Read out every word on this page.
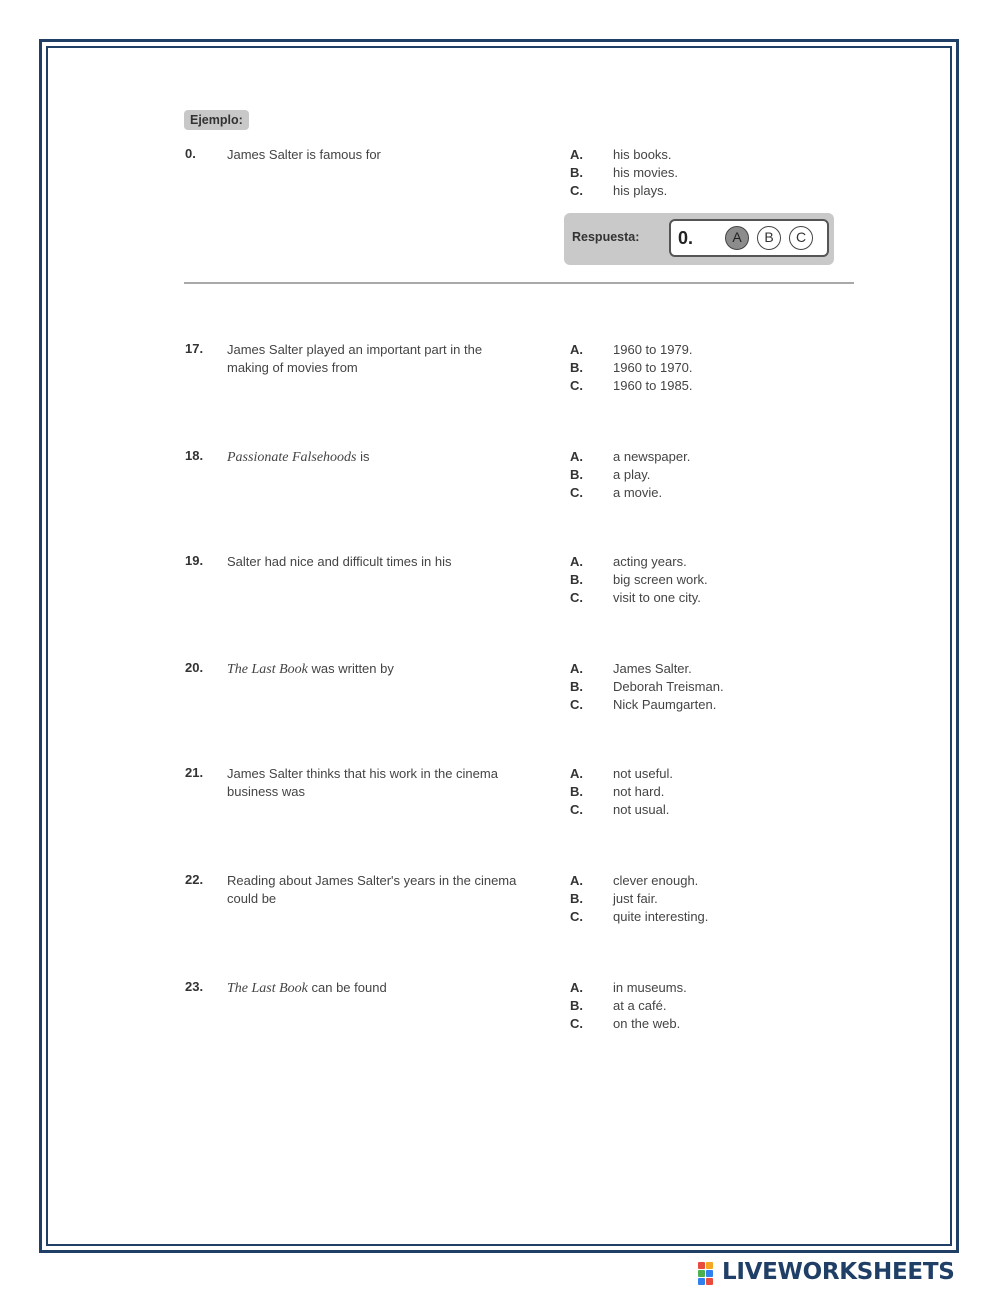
Ejemplo:
0. James Salter is famous for	A. his books.
B. his movies.
C. his plays.
Respuesta: 0.	A	B	C
17. James Salter played an important part in the making of movies from
A. 1960 to 1979.
B. 1960 to 1970.
C. 1960 to 1985.
18. Passionate Falsehoods is	A. a newspaper.
B. a play.
C. a movie.
19. Salter had nice and difficult times in his	A. acting years.
B. big screen work.
C. visit to one city.
20. The Last Book was written by	A. James Salter.
B. Deborah Treisman.
C. Nick Paumgarten.
21. James Salter thinks that his work in the cinema business was
A. not useful.
B. not hard.
C. not usual.
22. Reading about James Salter's years in the cinema could be
A. clever enough.
B. just fair.
C. quite interesting.
23. The Last Book can be found	A. in museums.
B. at a café.
C. on the web.
LIVEWORKSHEETS
